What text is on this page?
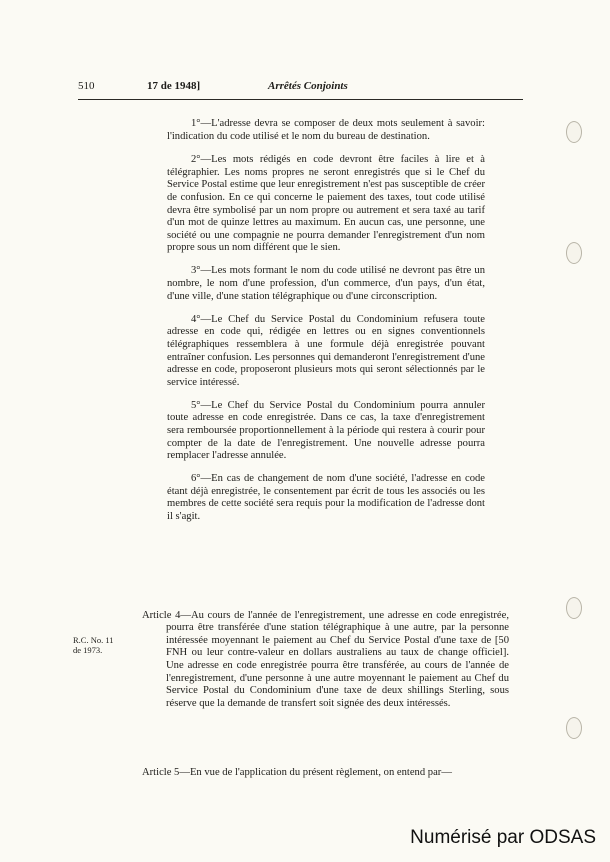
510	17 de 1948]	Arrêtés Conjoints

1°—L'adresse devra se composer de deux mots seulement à savoir: l'indication du code utilisé et le nom du bureau de destination.

2°—Les mots rédigés en code devront être faciles à lire et à télégraphier. Les noms propres ne seront enregistrés que si le Chef du Service Postal estime que leur enregistrement n'est pas susceptible de créer de confusion. En ce qui concerne le paiement des taxes, tout code utilisé devra être symbolisé par un nom propre ou autrement et sera taxé au tarif d'un mot de quinze lettres au maximum. En aucun cas, une personne, une société ou une compagnie ne pourra demander l'enregistrement d'un nom propre sous un nom différent que le sien.

3°—Les mots formant le nom du code utilisé ne devront pas être un nombre, le nom d'une profession, d'un commerce, d'un pays, d'un état, d'une ville, d'une station télégraphique ou d'une circonscription.

4°—Le Chef du Service Postal du Condominium refusera toute adresse en code qui, rédigée en lettres ou en signes conventionnels télégraphiques ressemblera à une formule déjà enregistrée pouvant entraîner confusion. Les personnes qui demanderont l'enregistrement d'une adresse en code, proposeront plusieurs mots qui seront sélectionnés par le service intéressé.

5°—Le Chef du Service Postal du Condominium pourra annuler toute adresse en code enregistrée. Dans ce cas, la taxe d'enregistrement sera remboursée proportionnellement à la période qui restera à courir pour compter de la date de l'enregistrement. Une nouvelle adresse pourra remplacer l'adresse annulée.

6°—En cas de changement de nom d'une société, l'adresse en code étant déjà enregistrée, le consentement par écrit de tous les associés ou les membres de cette société sera requis pour la modification de l'adresse dont il s'agit.

R.C. No. 11
de 1973.

Article 4—Au cours de l'année de l'enregistrement, une adresse en code enregistrée, pourra être transférée d'une station télégraphique à une autre, par la personne intéressée moyennant le paiement au Chef du Service Postal d'une taxe de [50 FNH ou leur contre-valeur en dollars australiens au taux de change officiel]. Une adresse en code enregistrée pourra être transférée, au cours de l'année de l'enregistrement, d'une personne à une autre moyennant le paiement au Chef du Service Postal du Condominium d'une taxe de deux shillings Sterling, sous réserve que la demande de transfert soit signée des deux intéressés.

Article 5—En vue de l'application du présent règlement, on entend par—

Numérisé par ODSAS
